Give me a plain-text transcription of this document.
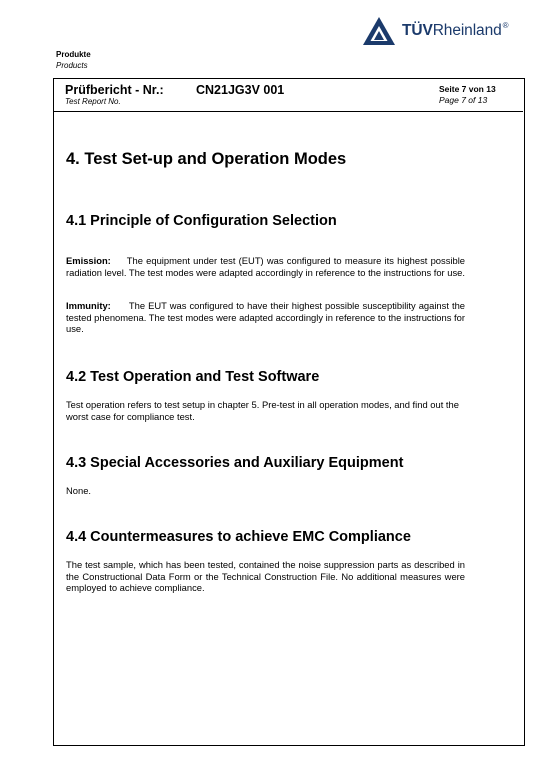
TÜVRheinland®
Produkte
Products
Prüfbericht - Nr.:
Test Report No.
CN21JG3V 001	Seite 7 von 13
Page 7 of 13
4. Test Set-up and Operation Modes
4.1 Principle of Configuration Selection
Emission: The equipment under test (EUT) was configured to measure its highest possible radiation level. The test modes were adapted accordingly in reference to the instructions for use.
Immunity: The EUT was configured to have their highest possible susceptibility against the tested phenomena. The test modes were adapted accordingly in reference to the instructions for use.
4.2 Test Operation and Test Software
Test operation refers to test setup in chapter 5. Pre-test in all operation modes, and find out the worst case for compliance test.
4.3 Special Accessories and Auxiliary Equipment
None.
4.4 Countermeasures to achieve EMC Compliance
The test sample, which has been tested, contained the noise suppression parts as described in the Constructional Data Form or the Technical Construction File. No additional measures were employed to achieve compliance.
